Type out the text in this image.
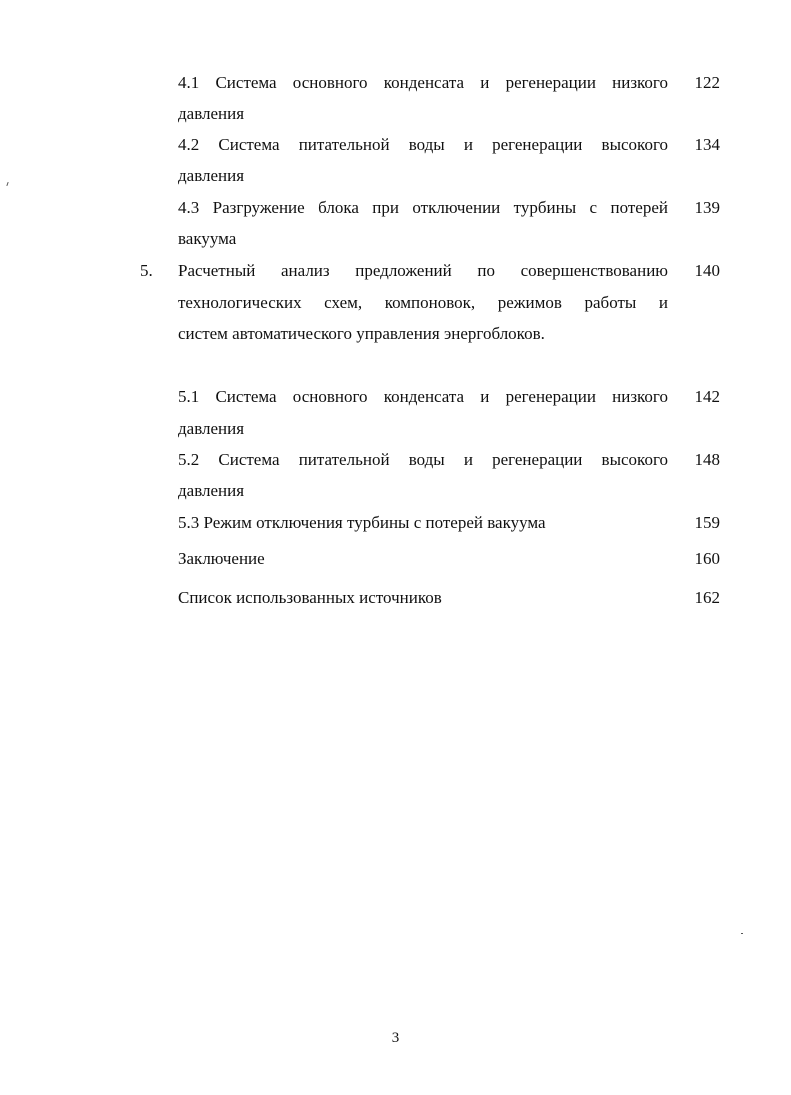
4.1 Система основного конденсата и регенерации низкого	122
давления
4.2 Система питательной воды и регенерации высокого	134
давления
4.3 Разгружение блока при отключении турбины с потерей	139
вакуума
5. Расчетный анализ предложений по совершенствованию	140
технологических схем, компоновок, режимов работы и
систем автоматического управления энергоблоков.
5.1 Система основного конденсата и регенерации низкого	142
давления
5.2 Система питательной воды и регенерации высокого	148
давления
5.3 Режим отключения турбины с потерей вакуума	159
Заключение	160
Список использованных источников	162
3
